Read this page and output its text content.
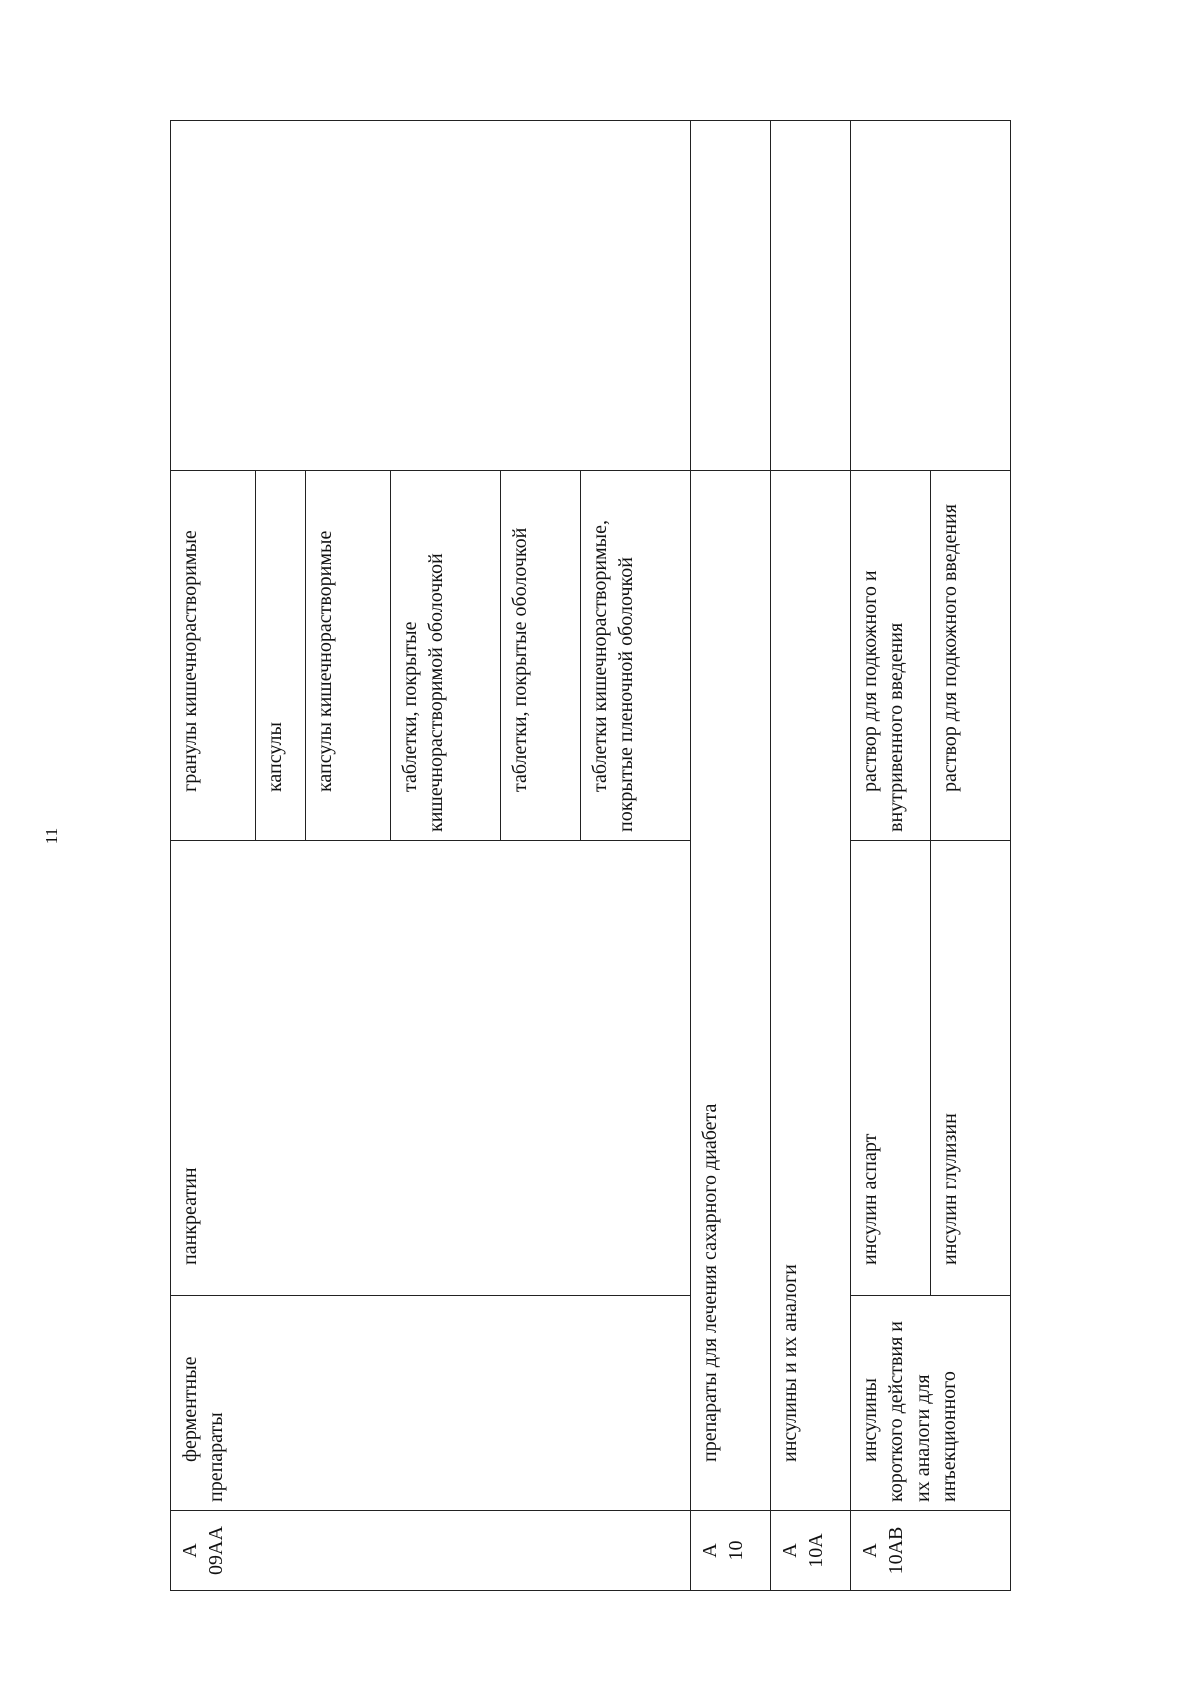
11
А 09АА	ферментные препараты	панкреатин	гранулы кишечнорастворимые	
			капсулы	
			капсулы кишечнорастворимые	
			таблетки, покрытые кишечнорастворимой оболочкой	
			таблетки, покрытые оболочкой	
			таблетки кишечнорастворимые, покрытые пленочной оболочкой	

А 10	препараты для лечения сахарного диабета			

А 10А	инсулины и их аналоги			

А 10АВ	инсулины короткого действия и их аналоги для инъекционного	инсулин аспарт	раствор для подкожного и внутривенного введения	
		инсулин глулизин	раствор для подкожного введения	
